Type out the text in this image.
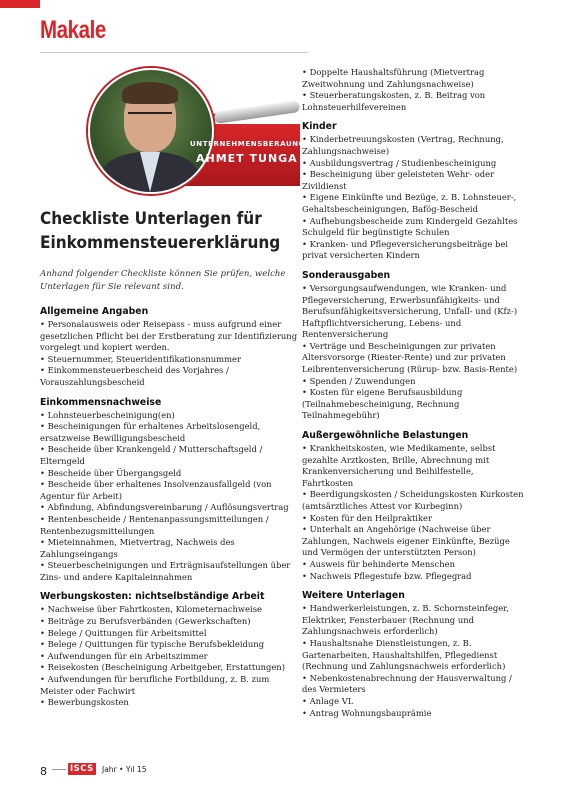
Makale
UNTERNEHMENSBERAUNG
AHMET TUNGA
Checkliste Unterlagen für
Einkommensteuererklärung
Anhand folgender Checkliste können Sie prüfen, welche Unterlagen für Sie relevant sind.
Allgemeine Angaben
• Personalausweis oder Reisepass - muss aufgrund einer gesetzlichen Pflicht bei der Erstberatung zur Identifizierung vorgelegt und kopiert werden.
• Steuernummer, Steueridentifikationsnummer
• Einkommensteuerbescheid des Vorjahres / Vorauszahlungsbescheid
Einkommensnachweise
• Lohnsteuerbescheinigung(en)
• Bescheinigungen für erhaltenes Arbeitslosengeld, ersatzweise Bewilligungsbescheid
• Bescheide über Krankengeld / Mutterschaftsgeld / Elterngeld
• Bescheide über Übergangsgeld
• Bescheide über erhaltenes Insolvenzausfallgeld (von Agentur für Arbeit)
• Abfindung, Abfindungsvereinbarung / Auflösungsvertrag
• Rentenbescheide / Rentenanpassungsmitteilungen / Rentenbezugsmitteilungen
• Mieteinnahmen, Mietvertrag, Nachweis des Zahlungseingangs
• Steuerbescheinigungen und Erträgnisaufstellungen über Zins- und andere Kapitaleinnahmen
Werbungskosten: nichtselbständige Arbeit
• Nachweise über Fahrtkosten, Kilometernachweise
• Beiträge zu Berufsverbänden (Gewerkschaften)
• Belege / Quittungen für Arbeitsmittel
• Belege / Quittungen für typische Berufsbekleidung
• Aufwendungen für ein Arbeitszimmer
• Reisekosten (Bescheinigung Arbeitgeber, Erstattungen)
• Aufwendungen für berufliche Fortbildung, z. B. zum Meister oder Fachwirt
• Bewerbungskosten
• Doppelte Haushaltsführung (Mietvertrag Zweitwohnung und Zahlungsnachweise)
• Steuerberatungskosten, z. B. Beitrag von Lohnsteuerhilfevereinen
Kinder
• Kinderbetreuungskosten (Vertrag, Rechnung, Zahlungsnachweise)
• Ausbildungsvertrag / Studienbescheinigung
• Bescheinigung über geleisteten Wehr- oder Zivildienst
• Eigene Einkünfte und Bezüge, z. B. Lohnsteuer-, Gehaltsbescheinigungen, Bafög-Bescheid
• Aufhebungsbescheide zum Kindergeld Gezahltes Schulgeld für begünstigte Schulen
• Kranken- und Pflegeversicherungsbeiträge bei privat versicherten Kindern
Sonderausgaben
• Versorgungsaufwendungen, wie Kranken- und Pflegeversicherung, Erwerbsunfähigkeits- und Berufsunfähigkeitsversicherung, Unfall- und (Kfz-) Haftpflichtversicherung, Lebens- und Rentenversicherung
• Verträge und Bescheinigungen zur privaten Altersvorsorge (Riester-Rente) und zur privaten Leibrentenversicherung (Rürup- bzw. Basis-Rente)
• Spenden / Zuwendungen
• Kosten für eigene Berufsausbildung (Teilnahmebescheinigung, Rechnung Teilnahmegebühr)
Außergewöhnliche Belastungen
• Krankheitskosten, wie Medikamente, selbst gezahlte Arztkosten, Brille, Abrechnung mit Krankenversicherung und Beihilfestelle, Fahrtkosten
• Beerdigungskosten / Scheidungskosten Kurkosten (amtsärztliches Attest vor Kurbeginn)
• Kosten für den Heilpraktiker
• Unterhalt an Angehörige (Nachweise über Zahlungen, Nachweis eigener Einkünfte, Bezüge und Vermögen der unterstützten Person)
• Ausweis für behinderte Menschen
• Nachweis Pflegestufe bzw. Pflegegrad
Weitere Unterlagen
• Handwerkerleistungen, z. B. Schornsteinfeger, Elektriker, Fensterbauer (Rechnung und Zahlungsnachweis erforderlich)
• Haushaltsnahe Dienstleistungen, z. B. Gartenarbeiten, Haushaltshilfen, Pflegedienst (Rechnung und Zahlungsnachweis erforderlich)
• Nebenkostenabrechnung der Hausverwaltung / des Vermieters
• Anlage VL
• Antrag Wohnungsbauprämie
8	ISCS Jahr • Yıl 15
